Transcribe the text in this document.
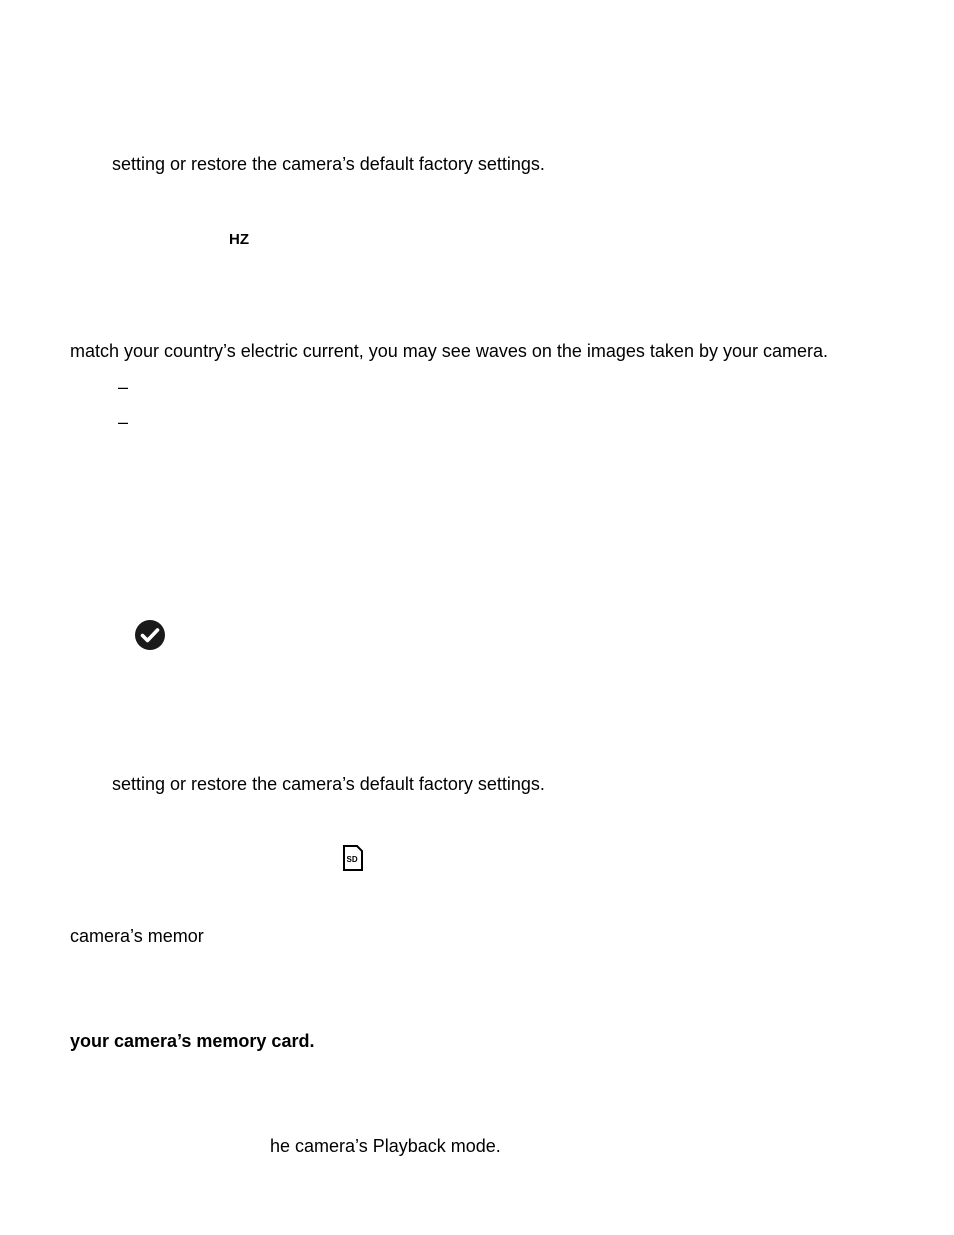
setting or restore the camera’s default factory settings.
HZ
match your country’s electric current, you may see waves on the images taken by your camera.
–
–
setting or restore the camera’s default factory settings.
SD
camera’s memor
your camera’s memory card.
he camera’s Playback mode.
